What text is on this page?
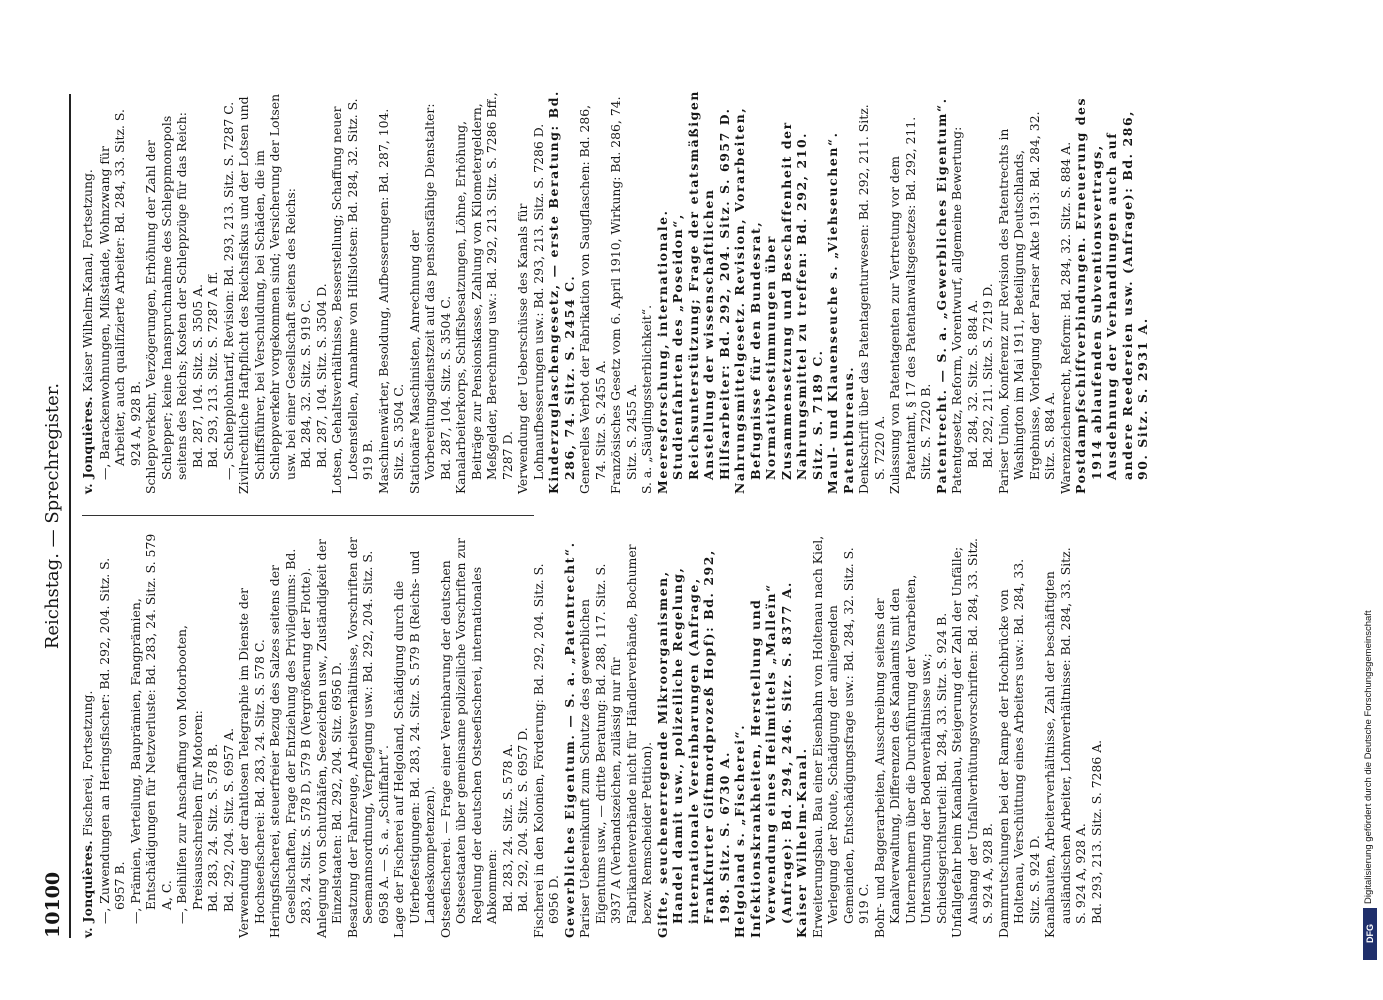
10100
Reichstag. — Sprechregister.

v. Jonquières. Fischerei, Fortsetzung. —, Zuwendungen an Heringsfischer: Bd. 292, 204. Sitz. S. 6957 B. —, Prämien, Verteilung, Bauprämien, Fangprämien, Entschädigungen für Netzverluste: Bd. 283, 24. Sitz. S. 579 A, C. —, Beihilfen zur Anschaffung von Motorbooten, Preisausschreiben für Motoren: Bd. 283, 24. Sitz. S. 578 B. Bd. 292, 204. Sitz. S. 6957 A. Verwendung der drahtlosen Telegraphie im Dienste der Hochseefischerei: Bd. 283, 24. Sitz. S. 578 C. Heringsfischerei, steuerfreier Bezug des Salzes seitens der Gesellschaften, Frage der Entziehung des Privilegiums: Bd. 283, 24. Sitz. S. 578 D, 579 B (Vergrößerung der Flotte). Anlegung von Schutzhäfen, Seezeichen usw., Zuständigkeit der Einzelstaaten: Bd. 292, 204. Sitz. 6956 D. Besatzung der Fahrzeuge, Arbeitsverhältnisse, Vorschriften der Seemannsordnung, Verpflegung usw.: Bd. 292, 204. Sitz. S. 6958 A. — S. a. „Schiffahrt“. Lage der Fischerei auf Helgoland, Schädigung durch die Uferbefestigungen: Bd. 283, 24. Sitz. S. 579 B (Reichs- und Landeskompetenzen). Ostseefischerei. — Frage einer Vereinbarung der deutschen Ostseestaaten über gemeinsame polizeiliche Vorschriften zur Regelung der deutschen Ostseefischerei, internationales Abkommen: Bd. 283, 24. Sitz. S. 578 A. Bd. 292, 204. Sitz. S. 6957 D. Fischerei in den Kolonien, Förderung: Bd. 292, 204. Sitz. S. 6956 D. Gewerbliches Eigentum. — S. a. „Patentrecht“. Pariser Uebereinkunft zum Schutze des gewerblichen Eigentums usw., — dritte Beratung: Bd. 288, 117. Sitz. S. 3937 A (Verbandszeichen, zulässig nur für Fabrikantenverbände nicht für Händlerverbände, Bochumer bezw. Remscheider Petition). Gifte, seuchenerregende Mikroorganismen, Handel damit usw., polizeiliche Regelung, internationale Vereinbarungen (Anfrage, Frankfurter Giftmordprozeß Hopf): Bd. 292, 198. Sitz. S. 6730 A. Helgoland s. „Fischerei“. Infektionskrankheiten, Herstellung und Verwendung eines Heilmittels „Malleïn“ (Anfrage): Bd. 294, 246. Sitz. S. 8377 A. Kaiser Wilhelm-Kanal. Erweiterungsbau. Bau einer Eisenbahn von Holtenau nach Kiel, Verlegung der Route, Schädigung der anliegenden Gemeinden, Entschädigungsfrage usw.: Bd. 284, 32. Sitz. S. 919 C. Bohr- und Baggerarbeiten, Ausschreibung seitens der Kanalverwaltung, Differenzen des Kanalamts mit den Unternehmern über die Durchführung der Vorarbeiten, Untersuchung der Bodenverhältnisse usw.; Schiedsgerichtsurteil: Bd. 284, 33. Sitz. S. 924 B. Unfallgefahr beim Kanalbau, Steigerung der Zahl der Unfälle; Aushang der Unfallverhütungsvorschriften: Bd. 284, 33. Sitz. S. 924 A, 928 B. Dammrutschungen bei der Rampe der Hochbrücke von Holtenau, Verschüttung eines Arbeiters usw.: Bd. 284, 33. Sitz. S. 924 D. Kanalbauten, Arbeiterverhältnisse, Zahl der beschäftigten ausländischen Arbeiter, Lohnverhältnisse: Bd. 284, 33. Sitz. S. 924 A, 928 A. Bd. 293, 213. Sitz. S. 7286 A.

v. Jonquières. Kaiser Wilhelm-Kanal, Fortsetzung. —, Barackenwohnungen, Mißstände, Wohnzwang für Arbeiter, auch qualifizierte Arbeiter: Bd. 284, 33. Sitz. S. 924 A, 928 B. Schleppverkehr, Verzögerungen, Erhöhung der Zahl der Schlepper; keine Inanspruchnahme des Schleppmonopols seitens des Reichs; Kosten der Schleppzüge für das Reich: Bd. 287, 104. Sitz. S. 3505 A. Bd. 293, 213. Sitz. S. 7287 A ff. —, Schlepplohntarif, Revision: Bd. 293, 213. Sitz. S. 7287 C. Zivilrechtliche Haftpflicht des Reichsfiskus und der Lotsen und Schiffsführer, bei Verschuldung, bei Schäden, die im Schleppverkehr vorgekommen sind; Versicherung der Lotsen usw. bei einer Gesellschaft seitens des Reichs: Bd. 284, 32. Sitz. S. 919 C. Bd. 287, 104. Sitz. S. 3504 D. Lotsen, Gehaltsverhältnisse, Besserstellung; Schaffung neuer Lotsenstellen, Annahme von Hilfslotsen: Bd. 284, 32. Sitz. S. 919 B. Maschinenwärter, Besoldung, Aufbesserungen: Bd. 287, 104. Sitz. S. 3504 C. Stationäre Maschinisten, Anrechnung der Vorbereitungsdienstzeit auf das pensionsfähige Dienstalter: Bd. 287, 104. Sitz. S. 3504 C. Kanalarbeiterkorps, Schiffsbesatzungen, Löhne, Erhöhung, Beiträge zur Pensionskasse, Zahlung von Kilometergeldern, Meßgelder, Berechnung usw.: Bd. 292, 213. Sitz. S. 7286 Bff., 7287 D. Verwendung der Ueberschüsse des Kanals für Lohnaufbesserungen usw.: Bd. 293, 213. Sitz. S. 7286 D. Kinderzuglaschengesetz, — erste Beratung: Bd. 286, 74. Sitz. S. 2454 C. Generelles Verbot der Fabrikation von Saugflaschen: Bd. 286, 74. Sitz. S. 2455 A. Französisches Gesetz vom 6. April 1910, Wirkung: Bd. 286, 74. Sitz. S. 2455 A. S. a. „Säuglingssterblichkeit“. Meeresforschung, internationale. Studienfahrten des „Poseidon“, Reichsunterstützung; Frage der etatsmäßigen Anstellung der wissenschaftlichen Hilfsarbeiter: Bd. 292, 204. Sitz. S. 6957 D. Nahrungsmittelgesetz. Revision, Vorarbeiten, Befugnisse für den Bundesrat, Normativbestimmungen über Zusammensetzung und Beschaffenheit der Nahrungsmittel zu treffen: Bd. 292, 210. Sitz. S. 7189 C. Maul- und Klauenseuche s. „Viehseuchen“. Patentbureaus. Denkschrift über das Patentagenturwesen: Bd. 292, 211. Sitz. S. 7220 A. Zulassung von Patentagenten zur Vertretung vor dem Patentamt, § 17 des Patentanwaltsgesetzes: Bd. 292, 211. Sitz. S. 7220 B. Patentrecht. — S. a. „Gewerbliches Eigentum“. Patentgesetz, Reform, Vorentwurf, allgemeine Bewertung: Bd. 284, 32. Sitz. S. 884 A. Bd. 292, 211. Sitz. S. 7219 D. Pariser Union, Konferenz zur Revision des Patentrechts in Washington im Mai 1911, Beteiligung Deutschlands, Ergebnisse, Vorlegung der Pariser Akte 1913: Bd. 284, 32. Sitz. S. 884 A. Warenzeichenrecht, Reform: Bd. 284, 32. Sitz. S. 884 A. Postdampfschiffverbindungen. Erneuerung des 1914 ablaufenden Subventionsvertrags, Ausdehnung der Verhandlungen auch auf andere Reedereien usw. (Anfrage): Bd. 286, 90. Sitz. S. 2931 A.

Digitalisierung gefördert durch die Deutsche Forschungsgemeinschaft
DFG
